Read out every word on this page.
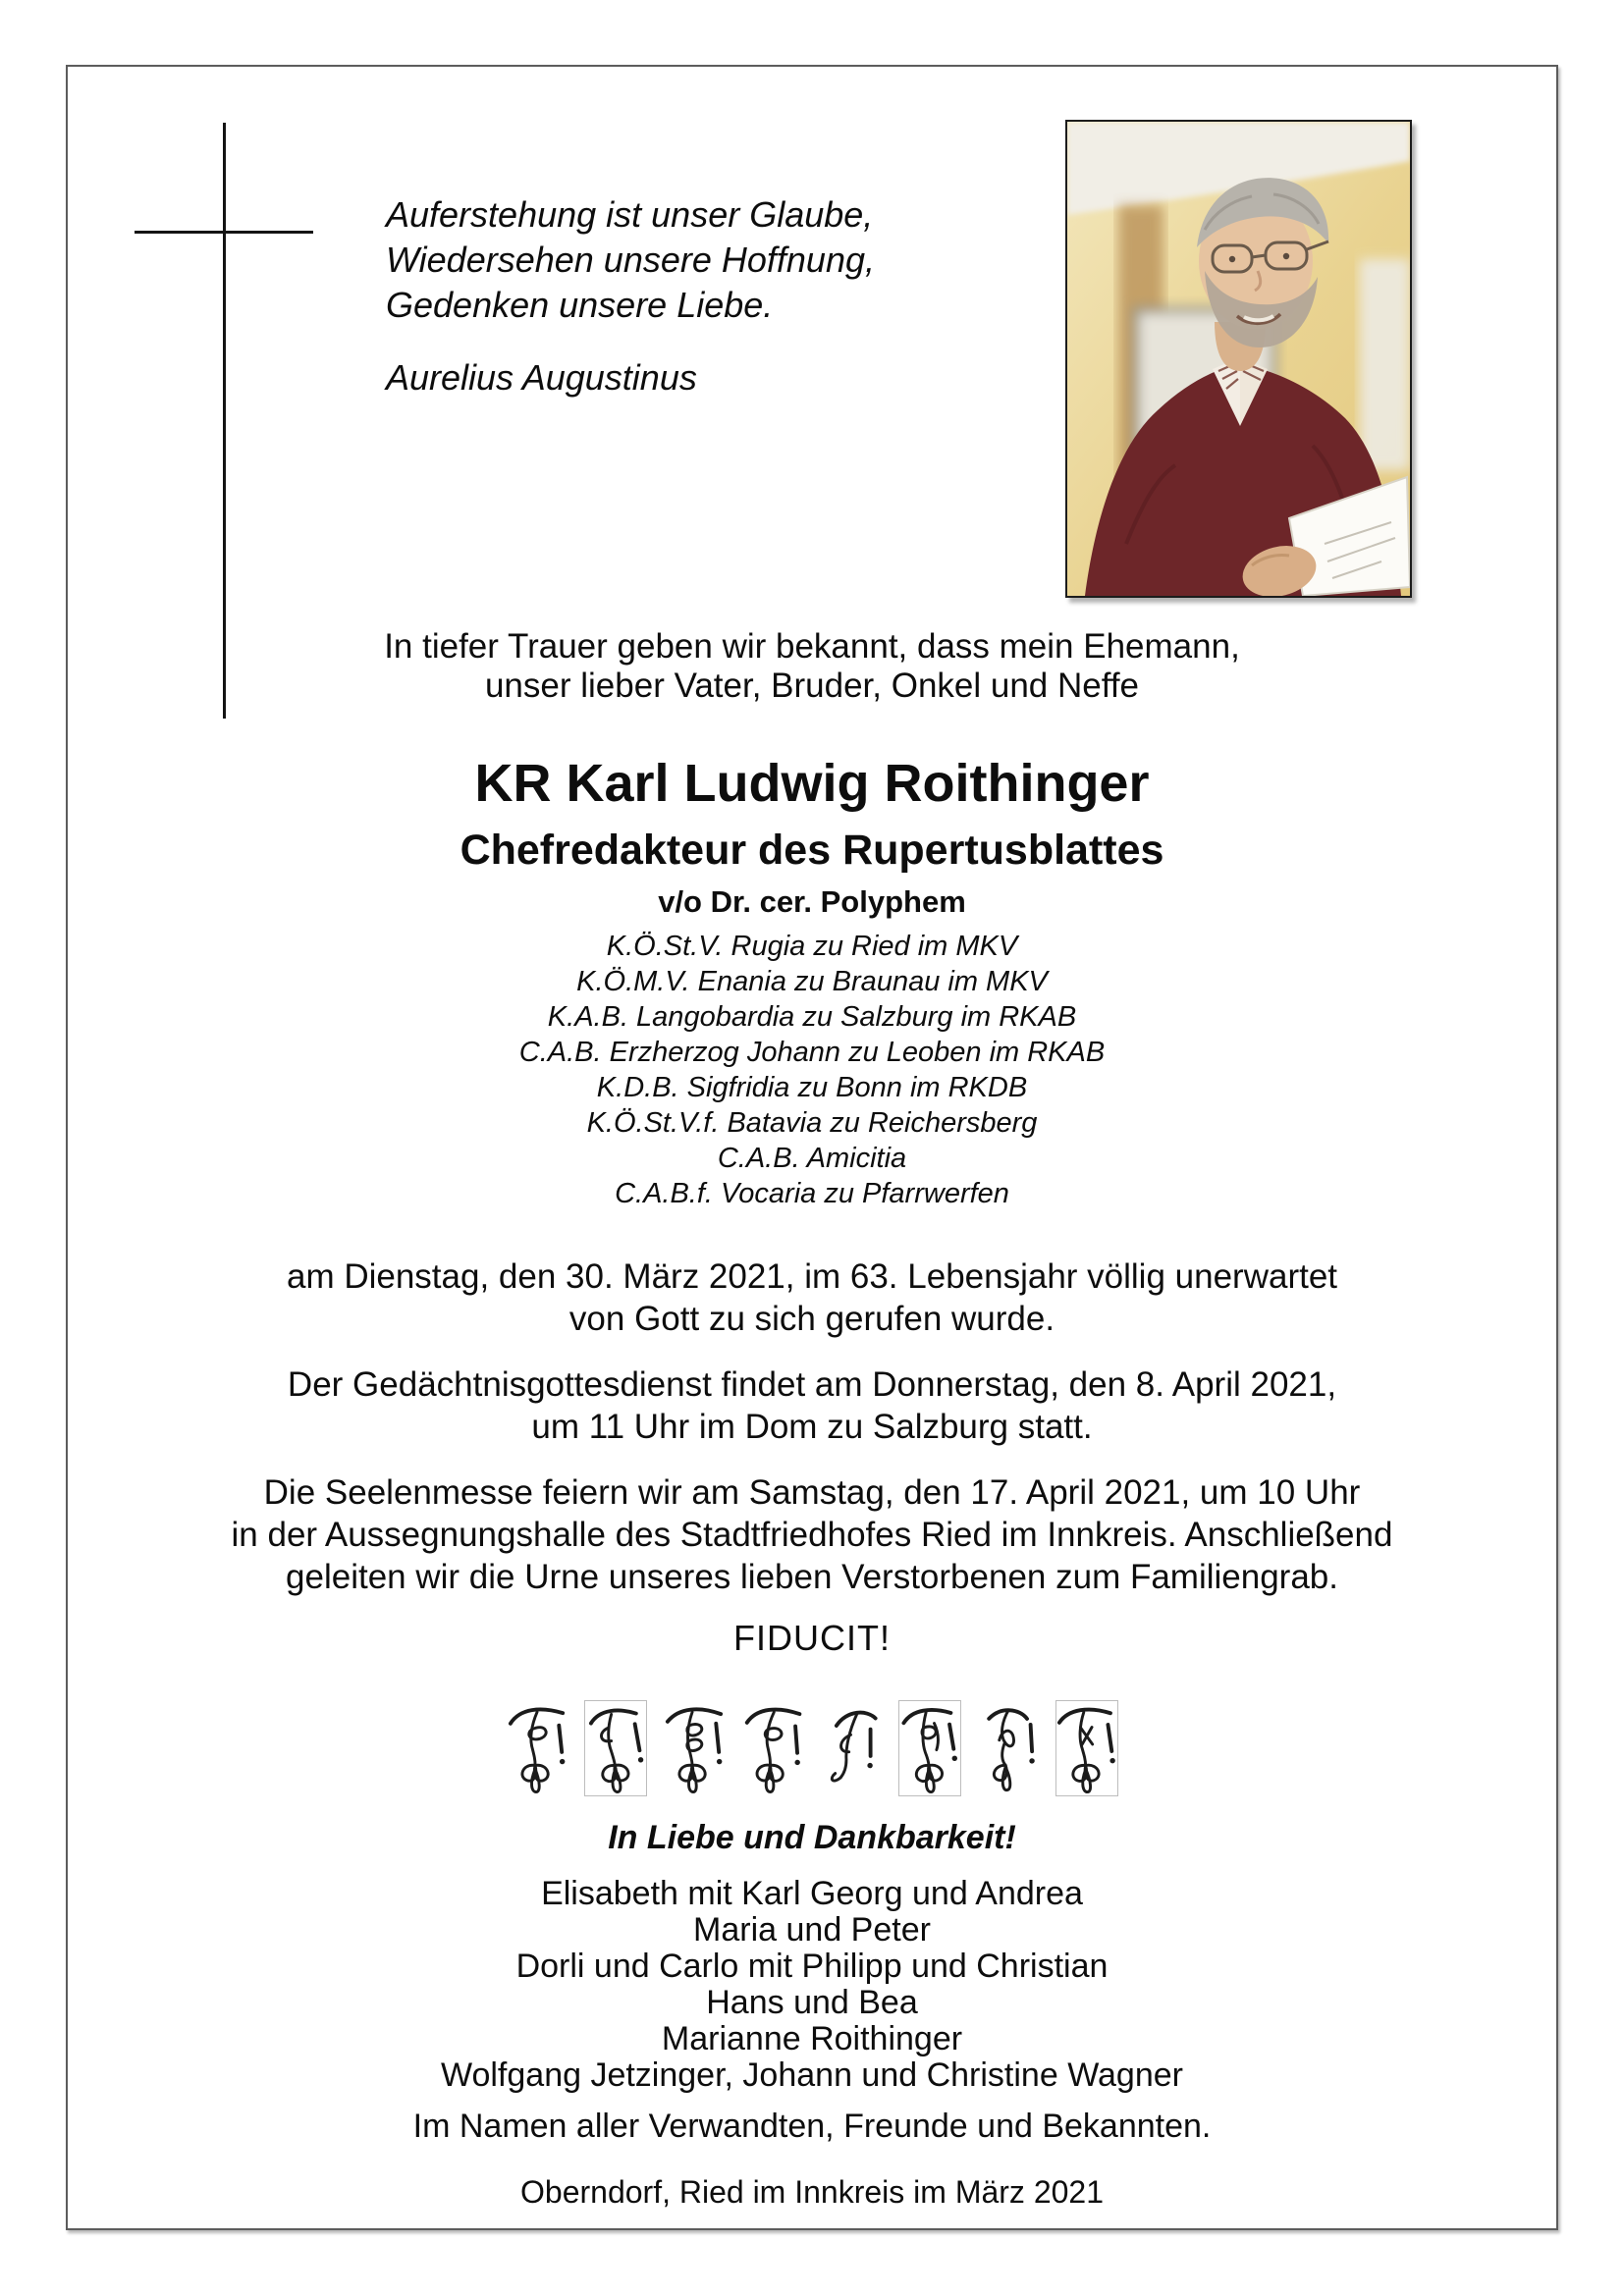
Auferstehung ist unser Glaube,
Wiedersehen unsere Hoffnung,
Gedenken unsere Liebe.
Aurelius Augustinus
In tiefer Trauer geben wir bekannt, dass mein Ehemann,
unser lieber Vater, Bruder, Onkel und Neffe
KR Karl Ludwig Roithinger
Chefredakteur des Rupertusblattes
v/o Dr. cer. Polyphem
K.Ö.St.V. Rugia zu Ried im MKV
K.Ö.M.V. Enania zu Braunau im MKV
K.A.B. Langobardia zu Salzburg im RKAB
C.A.B. Erzherzog Johann zu Leoben im RKAB
K.D.B. Sigfridia zu Bonn im RKDB
K.Ö.St.V.f. Batavia zu Reichersberg
C.A.B. Amicitia
C.A.B.f. Vocaria zu Pfarrwerfen
am Dienstag, den 30. März 2021, im 63. Lebensjahr völlig unerwartet
von Gott zu sich gerufen wurde.
Der Gedächtnisgottesdienst findet am Donnerstag, den 8. April 2021,
um 11 Uhr im Dom zu Salzburg statt.
Die Seelenmesse feiern wir am Samstag, den 17. April 2021, um 10 Uhr
in der Aussegnungshalle des Stadtfriedhofes Ried im Innkreis. Anschließend
geleiten wir die Urne unseres lieben Verstorbenen zum Familiengrab.
FIDUCIT!
In Liebe und Dankbarkeit!
Elisabeth mit Karl Georg und Andrea
Maria und Peter
Dorli und Carlo mit Philipp und Christian
Hans und Bea
Marianne Roithinger
Wolfgang Jetzinger, Johann und Christine Wagner
Im Namen aller Verwandten, Freunde und Bekannten.
Oberndorf, Ried im Innkreis im März 2021
